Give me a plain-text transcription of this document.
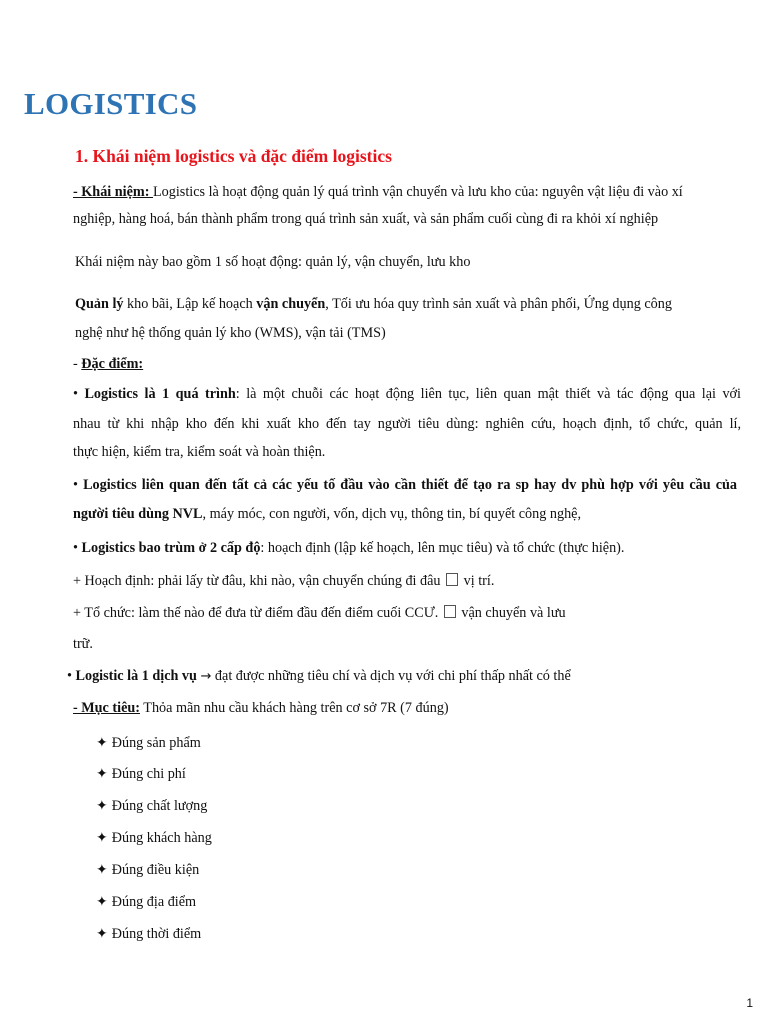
LOGISTICS
1. Khái niệm logistics và đặc điểm logistics
- Khái niệm: Logistics là hoạt động quản lý quá trình vận chuyển và lưu kho của: nguyên vật liệu đi vào xí
nghiệp, hàng hoá, bán thành phẩm trong quá trình sản xuất, và sản phẩm cuối cùng đi ra khỏi xí nghiệp
Khái niệm này bao gồm 1 số hoạt động: quản lý, vận chuyển, lưu kho
Quản lý kho bãi, Lập kế hoạch vận chuyển, Tối ưu hóa quy trình sản xuất và phân phối, Ứng dụng công
nghệ như hệ thống quản lý kho (WMS), vận tải (TMS)
- Đặc điểm:
• Logistics là 1 quá trình: là một chuỗi các hoạt động liên tục, liên quan mật thiết và tác động qua lại với
nhau từ khi nhập kho đến khi xuất kho đến tay người tiêu dùng: nghiên cứu, hoạch định, tổ chức, quản lí,
thực hiện, kiểm tra, kiểm soát và hoàn thiện.
• Logistics liên quan đến tất cả các yếu tố đầu vào cần thiết để tạo ra sp hay dv phù hợp với yêu cầu của
người tiêu dùng NVL, máy móc, con người, vốn, dịch vụ, thông tin, bí quyết công nghệ,
• Logistics bao trùm ở 2 cấp độ: hoạch định (lập kế hoạch, lên mục tiêu) và tổ chức (thực hiện).
+ Hoạch định: phải lấy từ đâu, khi nào, vận chuyển chúng đi đâu  vị trí.
+ Tổ chức: làm thế nào để đưa từ điểm đầu đến điểm cuối CCƯ.  vận chuyển và lưu
trữ.
• Logistic là 1 dịch vụ → đạt được những tiêu chí và dịch vụ với chi phí thấp nhất có thể
- Mục tiêu: Thỏa mãn nhu cầu khách hàng trên cơ sở 7R (7 đúng)
✦ Đúng sản phẩm
✦ Đúng chi phí
✦ Đúng chất lượng
✦ Đúng khách hàng
✦ Đúng điều kiện
✦ Đúng địa điểm
✦ Đúng thời điểm
1
